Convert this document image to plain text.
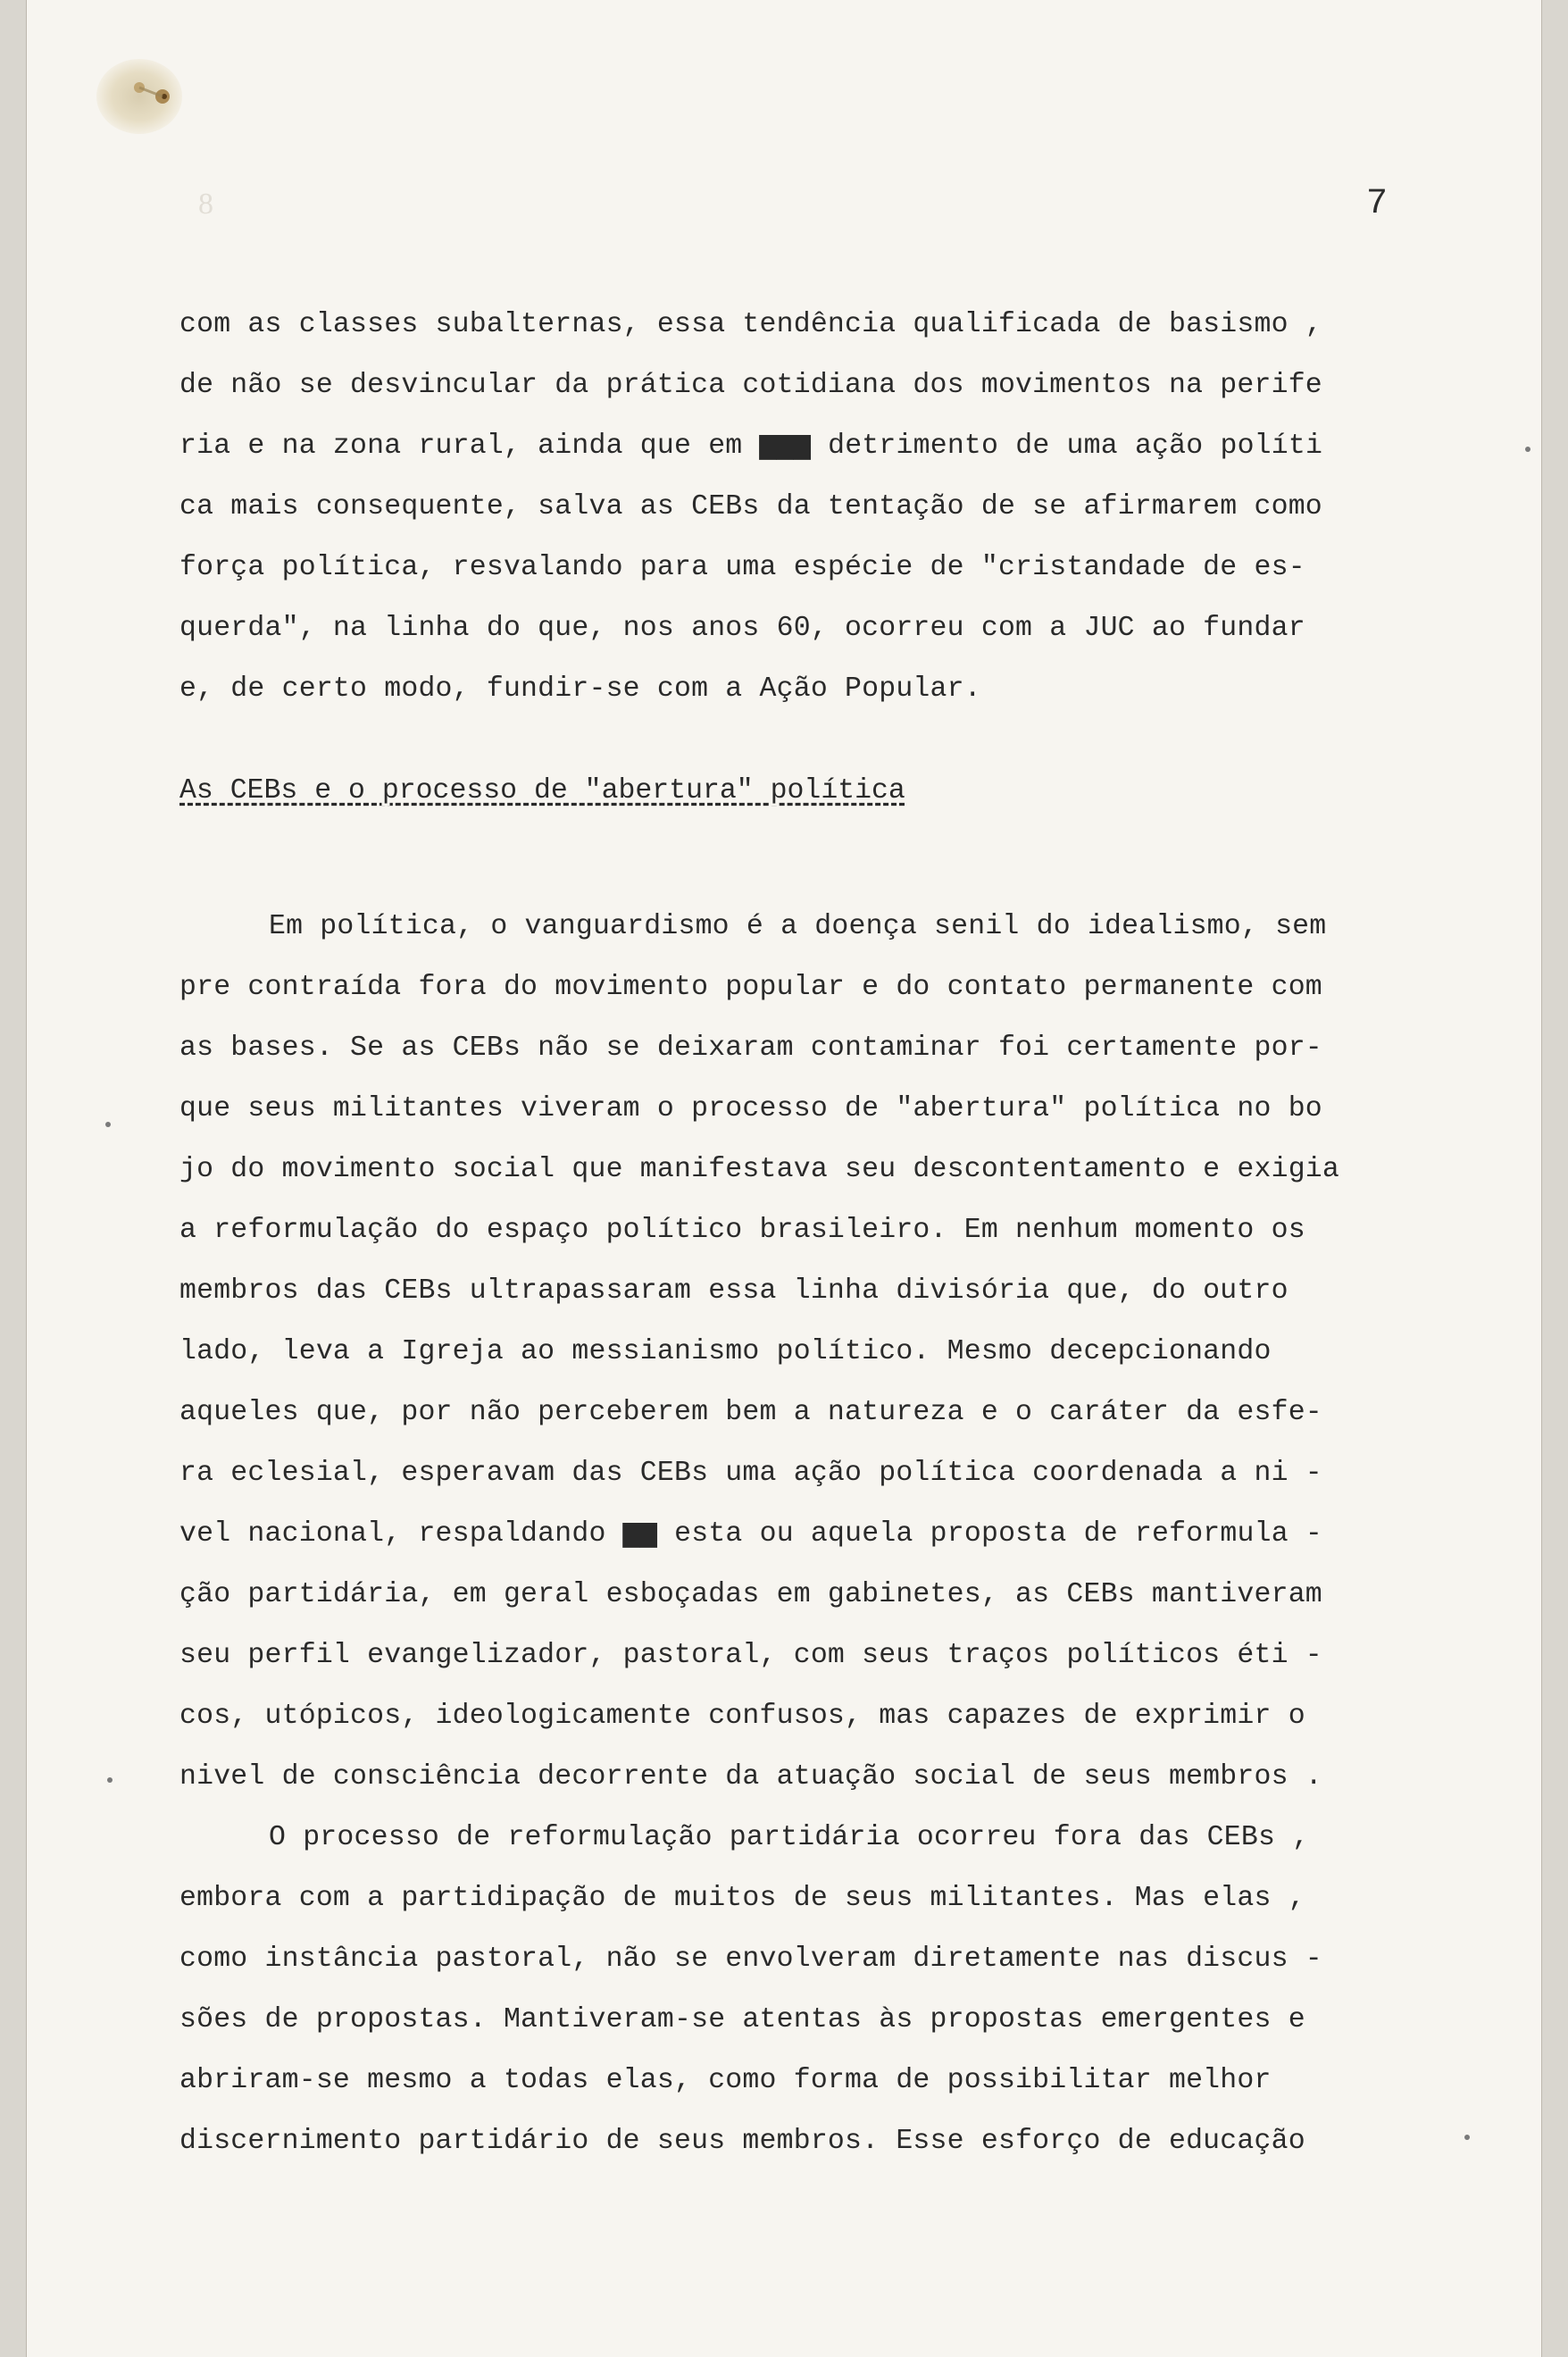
8	7
com as classes subalternas, essa tendência qualificada de basismo ,
de não se desvincular da prática cotidiana dos movimentos na perife
ria e na zona rural, ainda que em ▆▆▆ detrimento de uma ação políti
ca mais consequente, salva as CEBs da tentação de se afirmarem como
força política, resvalando para uma espécie de "cristandade de es-
querda", na linha do que, nos anos 60, ocorreu com a JUC ao fundar
e, de certo modo, fundir-se com a Ação Popular.
As CEBs e o processo de "abertura" política
Em política, o vanguardismo é a doença senil do idealismo, sem
pre contraída fora do movimento popular e do contato permanente com
as bases. Se as CEBs não se deixaram contaminar foi certamente por-
que seus militantes viveram o processo de "abertura" política no bo
jo do movimento social que manifestava seu descontentamento e exigia
a reformulação do espaço político brasileiro. Em nenhum momento os
membros das CEBs ultrapassaram essa linha divisória que, do outro
lado, leva a Igreja ao messianismo político. Mesmo decepcionando
aqueles que, por não perceberem bem a natureza e o caráter da esfe-
ra eclesial, esperavam das CEBs uma ação política coordenada a ni -
vel nacional, respaldando ▆▆ esta ou aquela proposta de reformula -
ção partidária, em geral esboçadas em gabinetes, as CEBs mantiveram
seu perfil evangelizador, pastoral, com seus traços políticos éti -
cos, utópicos, ideologicamente confusos, mas capazes de exprimir o
nivel de consciência decorrente da atuação social de seus membros .
O processo de reformulação partidária ocorreu fora das CEBs ,
embora com a partidipação de muitos de seus militantes. Mas elas ,
como instância pastoral, não se envolveram diretamente nas discus -
sões de propostas. Mantiveram-se atentas às propostas emergentes e
abriram-se mesmo a todas elas, como forma de possibilitar melhor
discernimento partidário de seus membros. Esse esforço de educação
